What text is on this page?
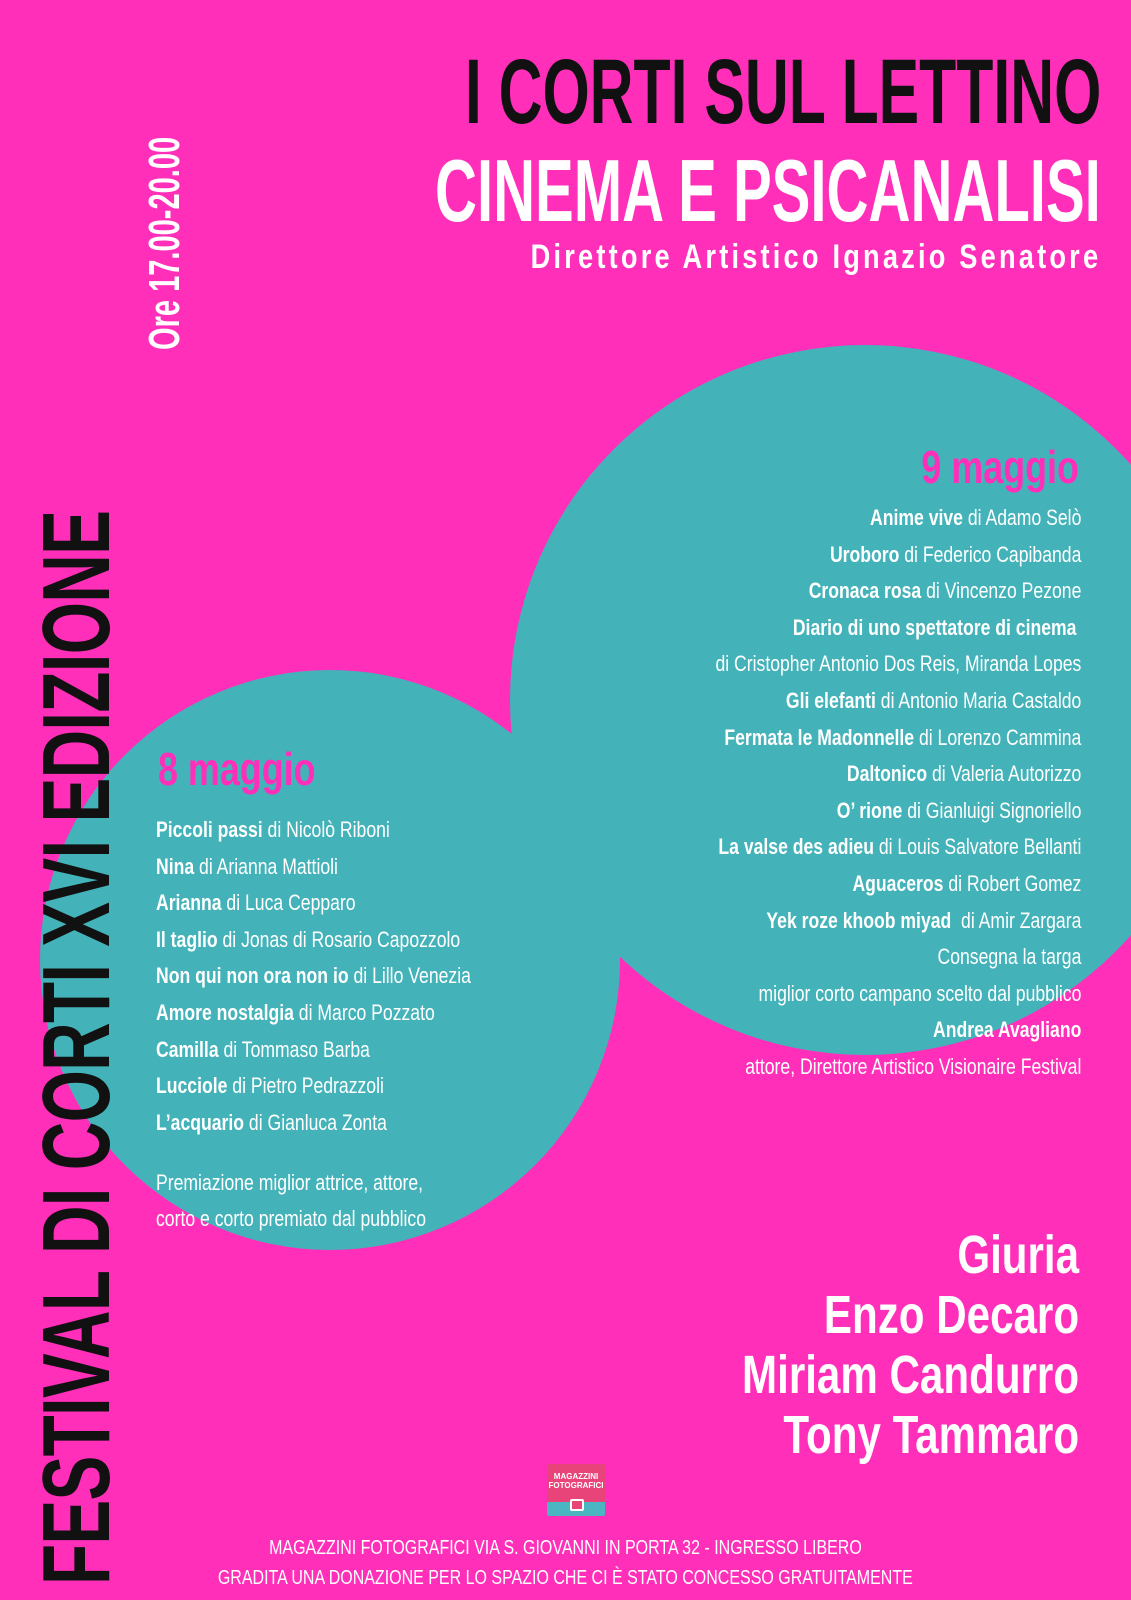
FESTIVAL DI CORTI XVI EDIZIONE
Ore 17.00-20.00
I CORTI SUL LETTINO
CINEMA E PSICANALISI
Direttore Artistico Ignazio Senatore
9 maggio
Anime vive di Adamo Selò
Uroboro di Federico Capibanda
Cronaca rosa di Vincenzo Pezone
Diario di uno spettatore di cinema
di Cristopher Antonio Dos Reis, Miranda Lopes
Gli elefanti di Antonio Maria Castaldo
Fermata le Madonnelle di Lorenzo Cammina
Daltonico di Valeria Autorizzo
O’ rione di Gianluigi Signoriello
La valse des adieu di Louis Salvatore Bellanti
Aguaceros di Robert Gomez
Yek roze khoob miyad  di Amir Zargara
Consegna la targa
miglior corto campano scelto dal pubblico
Andrea Avagliano
attore, Direttore Artistico Visionaire Festival
8 maggio
Piccoli passi di Nicolò Riboni
Nina di Arianna Mattioli
Arianna di Luca Cepparo
Il taglio di Jonas di Rosario Capozzolo
Non qui non ora non io di Lillo Venezia
Amore nostalgia di Marco Pozzato
Camilla di Tommaso Barba
Lucciole di Pietro Pedrazzoli
L’acquario di Gianluca Zonta
Premiazione miglior attrice, attore,
corto e corto premiato dal pubblico
Giuria
Enzo Decaro
Miriam Candurro
Tony Tammaro
MAGAZZINI
FOTOGRAFICI
MAGAZZINI FOTOGRAFICI VIA S. GIOVANNI IN PORTA 32 - INGRESSO LIBERO
GRADITA UNA DONAZIONE PER LO SPAZIO CHE CI È STATO CONCESSO GRATUITAMENTE
